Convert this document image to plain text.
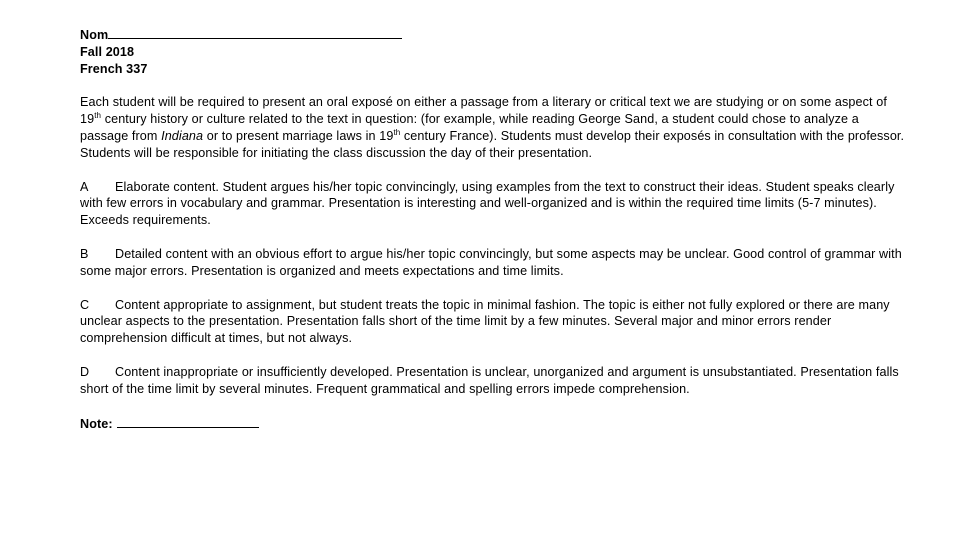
Nom
Fall 2018
French 337

Each student will be required to present an oral exposé on either a passage from a literary or critical text we are studying or on some aspect of 19th century history or culture related to the text in question: (for example, while reading George Sand, a student could chose to analyze a passage from Indiana or to present marriage laws in 19th century France). Students must develop their exposés in consultation with the professor. Students will be responsible for initiating the class discussion the day of their presentation.

A Elaborate content. Student argues his/her topic convincingly, using examples from the text to construct their ideas. Student speaks clearly with few errors in vocabulary and grammar. Presentation is interesting and well-organized and is within the required time limits (5-7 minutes). Exceeds requirements.

B Detailed content with an obvious effort to argue his/her topic convincingly, but some aspects may be unclear. Good control of grammar with some major errors. Presentation is organized and meets expectations and time limits.

C Content appropriate to assignment, but student treats the topic in minimal fashion. The topic is either not fully explored or there are many unclear aspects to the presentation. Presentation falls short of the time limit by a few minutes. Several major and minor errors render comprehension difficult at times, but not always.

D Content inappropriate or insufficiently developed. Presentation is unclear, unorganized and argument is unsubstantiated. Presentation falls short of the time limit by several minutes. Frequent grammatical and spelling errors impede comprehension.

Note:
